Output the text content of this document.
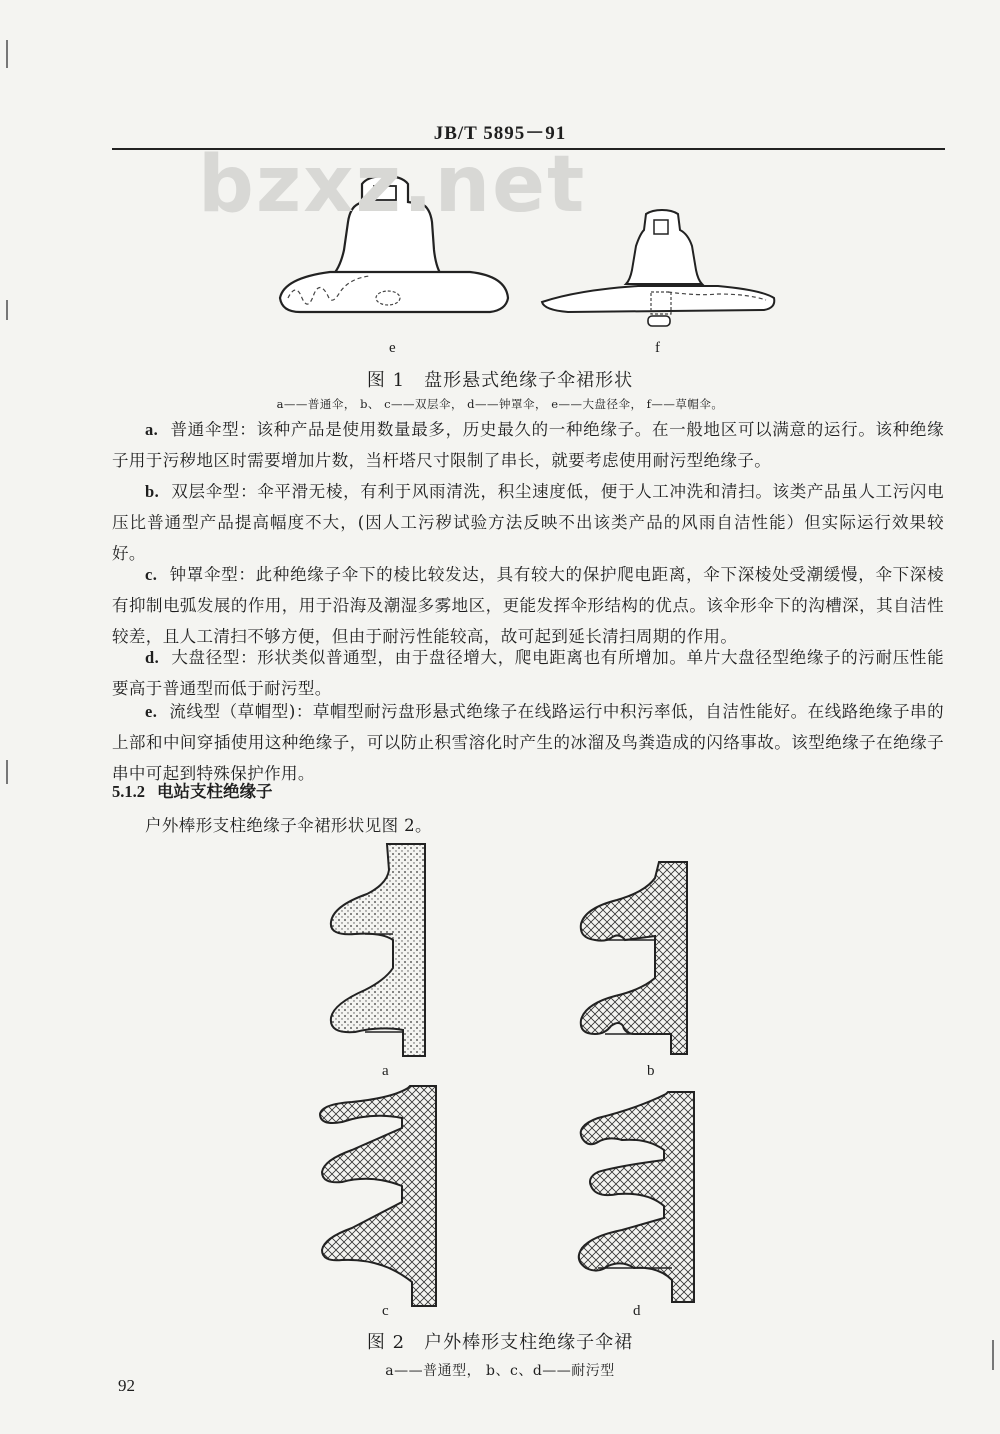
JB/T 5895－91
e	f
bzxz.net
图 1　盘形悬式绝缘子伞裙形状
a——普通伞， b、 c——双层伞， d——钟罩伞， e——大盘径伞， f——草帽伞。
a. 普通伞型：该种产品是使用数量最多，历史最久的一种绝缘子。在一般地区可以满意的运行。该种绝缘子用于污秽地区时需要增加片数，当杆塔尺寸限制了串长，就要考虑使用耐污型绝缘子。
b. 双层伞型：伞平滑无棱，有利于风雨清洗，积尘速度低，便于人工冲洗和清扫。该类产品虽人工污闪电压比普通型产品提高幅度不大，(因人工污秽试验方法反映不出该类产品的风雨自洁性能）但实际运行效果较好。
c. 钟罩伞型：此种绝缘子伞下的棱比较发达，具有较大的保护爬电距离，伞下深棱处受潮缓慢，伞下深棱有抑制电弧发展的作用，用于沿海及潮湿多雾地区，更能发挥伞形结构的优点。该伞形伞下的沟槽深，其自洁性较差，且人工清扫不够方便，但由于耐污性能较高，故可起到延长清扫周期的作用。
d. 大盘径型：形状类似普通型，由于盘径增大，爬电距离也有所增加。单片大盘径型绝缘子的污耐压性能要高于普通型而低于耐污型。
e. 流线型（草帽型)：草帽型耐污盘形悬式绝缘子在线路运行中积污率低，自洁性能好。在线路绝缘子串的上部和中间穿插使用这种绝缘子，可以防止积雪溶化时产生的冰溜及鸟粪造成的闪络事故。该型绝缘子在绝缘子串中可起到特殊保护作用。
5.1.2 电站支柱绝缘子
户外棒形支柱绝缘子伞裙形状见图 2。
a	b
c	d
图 2　户外棒形支柱绝缘子伞裙
a——普通型， b、c、d——耐污型
92
